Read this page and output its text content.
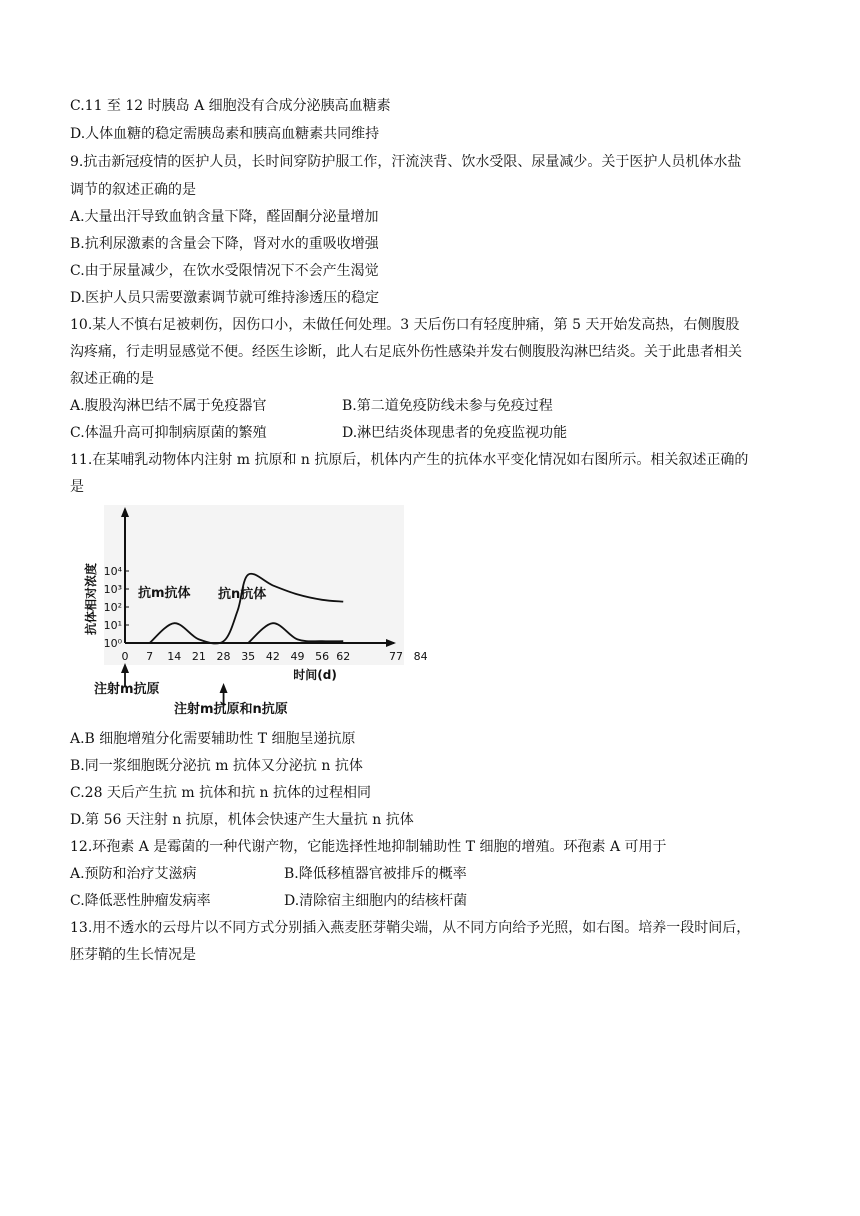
C.11 至 12 时胰岛 A 细胞没有合成分泌胰高血糖素
D.人体血糖的稳定需胰岛素和胰高血糖素共同维持
9.抗击新冠疫情的医护人员，长时间穿防护服工作，汗流浃背、饮水受限、尿量减少。关于医护人员机体水盐
调节的叙述正确的是
A.大量出汗导致血钠含量下降，醛固酮分泌量增加
B.抗利尿激素的含量会下降，肾对水的重吸收增强
C.由于尿量减少，在饮水受限情况下不会产生渴觉
D.医护人员只需要激素调节就可维持渗透压的稳定
10.某人不慎右足被刺伤，因伤口小，未做任何处理。3 天后伤口有轻度肿痛，第 5 天开始发高热，右侧腹股
沟疼痛，行走明显感觉不便。经医生诊断，此人右足底外伤性感染并发右侧腹股沟淋巴结炎。关于此患者相关
叙述正确的是
A.腹股沟淋巴结不属于免疫器官	B.第二道免疫防线未参与免疫过程
C.体温升高可抑制病原菌的繁殖	D.淋巴结炎体现患者的免疫监视功能
11.在某哺乳动物体内注射 m 抗原和 n 抗原后，机体内产生的抗体水平变化情况如右图所示。相关叙述正确的
是
10⁰
10¹
10²
10³
10⁴
0 7 14 21 28 35 42 49 56 62	77 84
抗体相对浓度
时间(d)
抗m抗体 抗n抗体
注射m抗原
注射m抗原和n抗原
A.B 细胞增殖分化需要辅助性 T 细胞呈递抗原
B.同一浆细胞既分泌抗 m 抗体又分泌抗 n 抗体
C.28 天后产生抗 m 抗体和抗 n 抗体的过程相同
D.第 56 天注射 n 抗原，机体会快速产生大量抗 n 抗体
12.环孢素 A 是霉菌的一种代谢产物，它能选择性地抑制辅助性 T 细胞的增殖。环孢素 A 可用于
A.预防和治疗艾滋病	B.降低移植器官被排斥的概率
C.降低恶性肿瘤发病率	D.清除宿主细胞内的结核杆菌
13.用不透水的云母片以不同方式分别插入燕麦胚芽鞘尖端，从不同方向给予光照，如右图。培养一段时间后，
胚芽鞘的生长情况是
